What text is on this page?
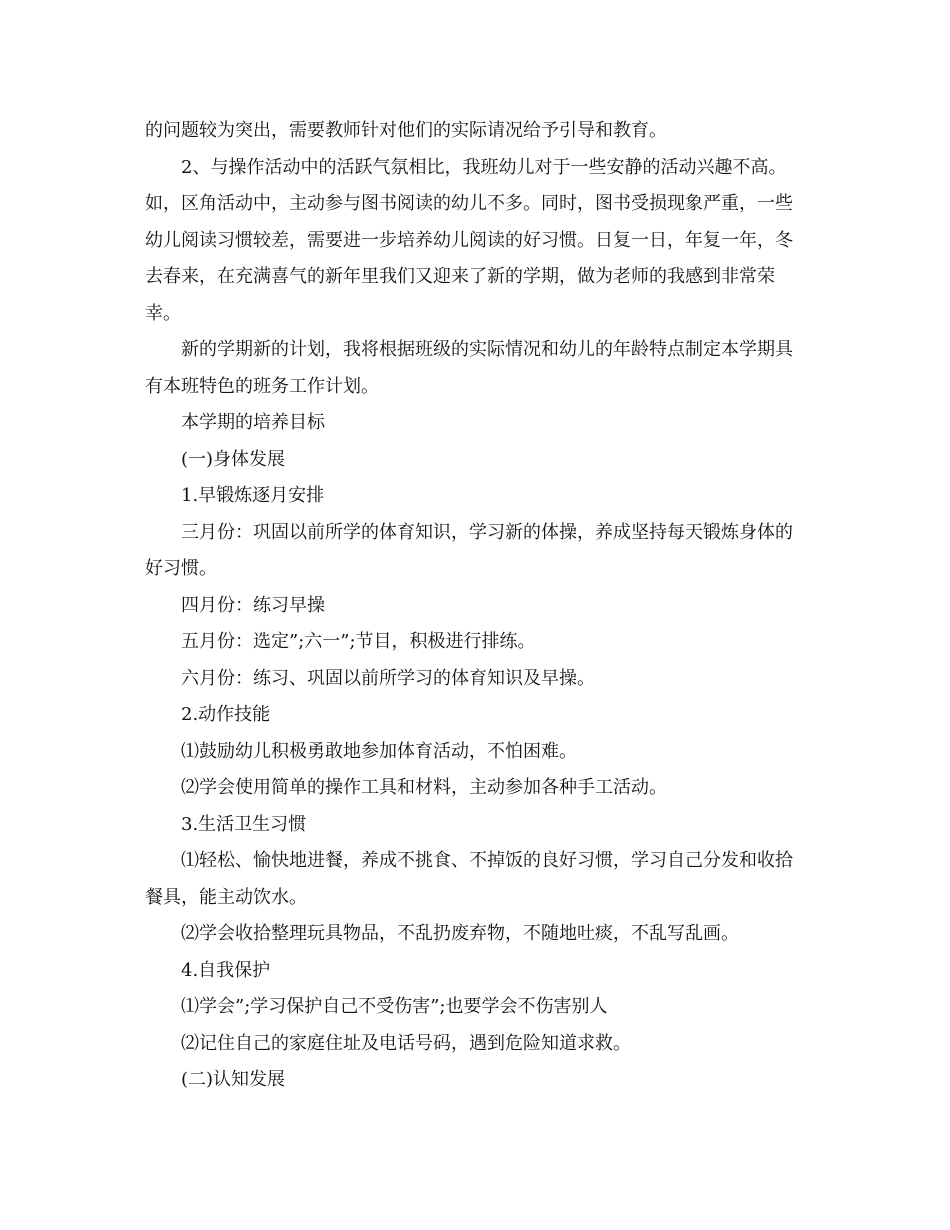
的问题较为突出，需要教师针对他们的实际请况给予引导和教育。

2、与操作活动中的活跃气氛相比，我班幼儿对于一些安静的活动兴趣不高。如，区角活动中，主动参与图书阅读的幼儿不多。同时，图书受损现象严重，一些幼儿阅读习惯较差，需要进一步培养幼儿阅读的好习惯。日复一日，年复一年，冬去春来，在充满喜气的新年里我们又迎来了新的学期，做为老师的我感到非常荣幸。

新的学期新的计划，我将根据班级的实际情况和幼儿的年龄特点制定本学期具有本班特色的班务工作计划。

本学期的培养目标

(一)身体发展

1.早锻炼逐月安排

三月份：巩固以前所学的体育知识，学习新的体操，养成坚持每天锻炼身体的好习惯。

四月份：练习早操

五月份：选定”;六一”;节目，积极进行排练。

六月份：练习、巩固以前所学习的体育知识及早操。

2.动作技能

⑴鼓励幼儿积极勇敢地参加体育活动，不怕困难。

⑵学会使用简单的操作工具和材料，主动参加各种手工活动。

3.生活卫生习惯

⑴轻松、愉快地进餐，养成不挑食、不掉饭的良好习惯，学习自己分发和收拾餐具，能主动饮水。

⑵学会收拾整理玩具物品，不乱扔废弃物，不随地吐痰，不乱写乱画。

4.自我保护

⑴学会”;学习保护自己不受伤害”;也要学会不伤害别人

⑵记住自己的家庭住址及电话号码，遇到危险知道求救。

(二)认知发展
